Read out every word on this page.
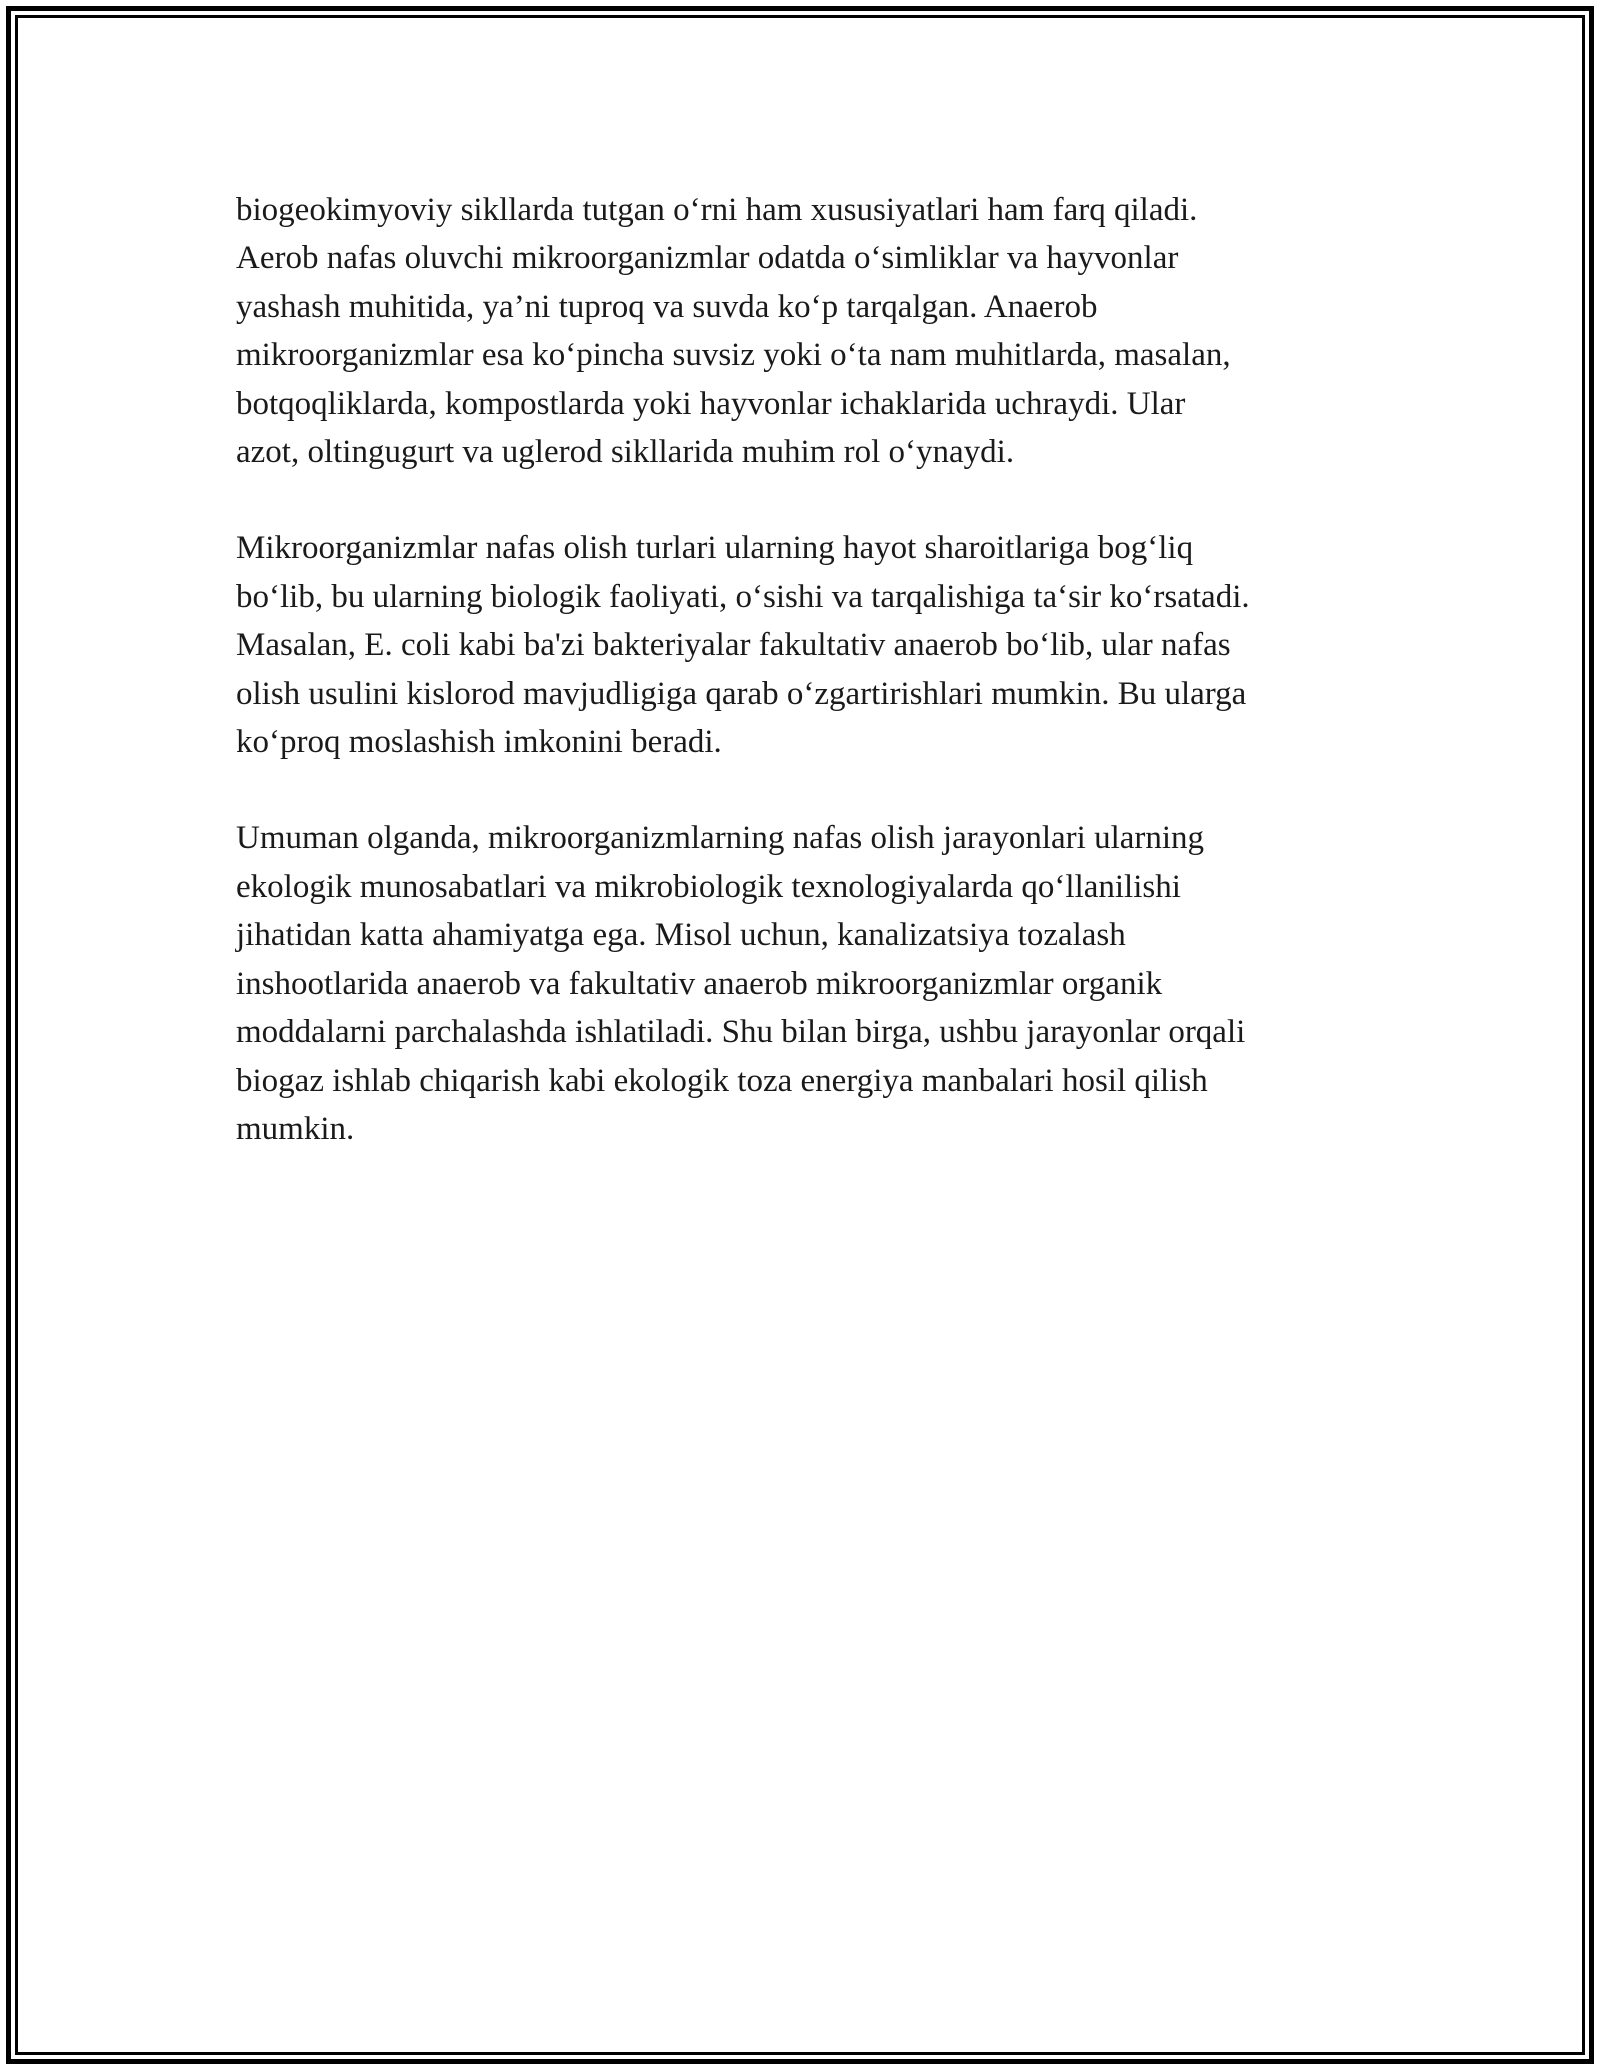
biogeokimyoviy sikllarda tutgan o‘rni ham xususiyatlari ham farq qiladi.
Aerob nafas oluvchi mikroorganizmlar odatda o‘simliklar va hayvonlar
yashash muhitida, ya’ni tuproq va suvda ko‘p tarqalgan. Anaerob
mikroorganizmlar esa ko‘pincha suvsiz yoki o‘ta nam muhitlarda, masalan,
botqoqliklarda, kompostlarda yoki hayvonlar ichaklarida uchraydi. Ular
azot, oltingugurt va uglerod sikllarida muhim rol o‘ynaydi.

Mikroorganizmlar nafas olish turlari ularning hayot sharoitlariga bog‘liq
bo‘lib, bu ularning biologik faoliyati, o‘sishi va tarqalishiga ta‘sir ko‘rsatadi.
Masalan, E. coli kabi ba'zi bakteriyalar fakultativ anaerob bo‘lib, ular nafas
olish usulini kislorod mavjudligiga qarab o‘zgartirishlari mumkin. Bu ularga
ko‘proq moslashish imkonini beradi.

Umuman olganda, mikroorganizmlarning nafas olish jarayonlari ularning
ekologik munosabatlari va mikrobiologik texnologiyalarda qo‘llanilishi
jihatidan katta ahamiyatga ega. Misol uchun, kanalizatsiya tozalash
inshootlarida anaerob va fakultativ anaerob mikroorganizmlar organik
moddalarni parchalashda ishlatiladi. Shu bilan birga, ushbu jarayonlar orqali
biogaz ishlab chiqarish kabi ekologik toza energiya manbalari hosil qilish
mumkin.
